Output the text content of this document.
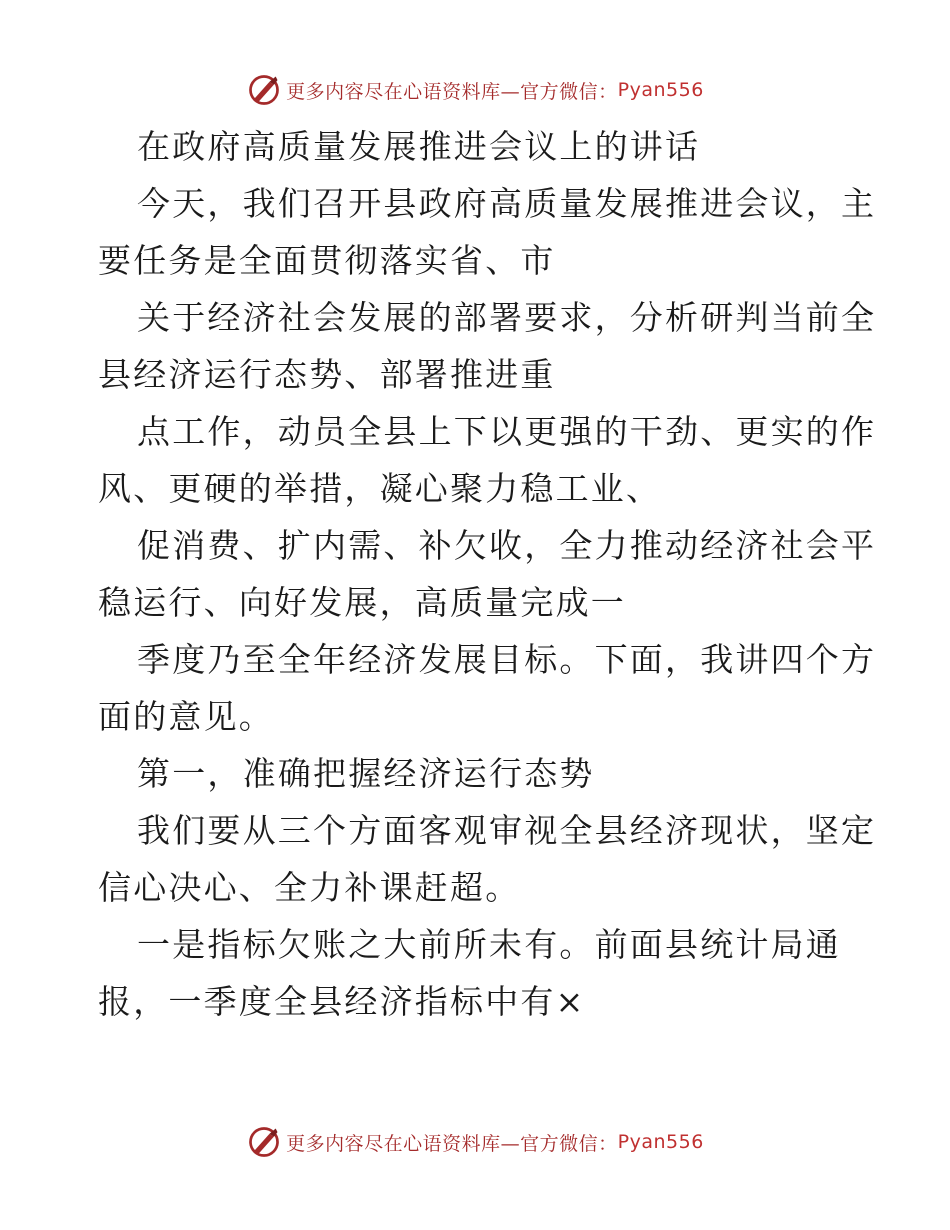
更多内容尽在心语资料库—官方微信： Pyan556
在政府高质量发展推进会议上的讲话
今天，我们召开县政府高质量发展推进会议，主
要任务是全面贯彻落实省、市
关于经济社会发展的部署要求，分析研判当前全
县经济运行态势、部署推进重
点工作，动员全县上下以更强的干劲、更实的作
风、更硬的举措，凝心聚力稳工业、
促消费、扩内需、补欠收，全力推动经济社会平
稳运行、向好发展，高质量完成一
季度乃至全年经济发展目标。下面，我讲四个方
面的意见。
第一，准确把握经济运行态势
我们要从三个方面客观审视全县经济现状，坚定
信心决心、全力补课赶超。
一是指标欠账之大前所未有。前面县统计局通
报，一季度全县经济指标中有×
更多内容尽在心语资料库—官方微信： Pyan556
